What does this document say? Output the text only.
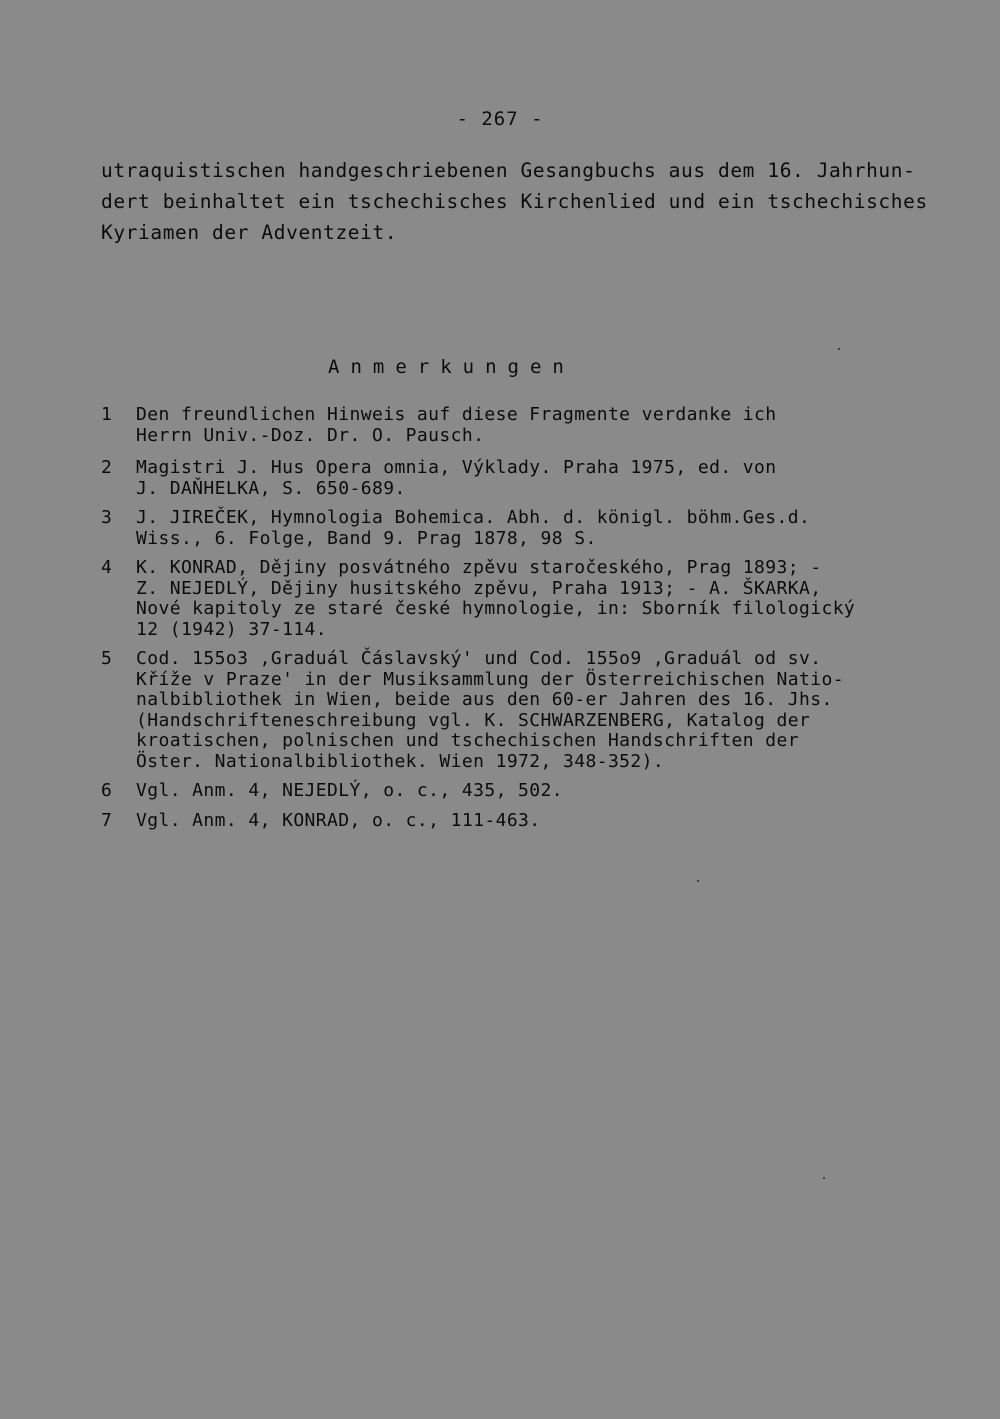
- 267 -
utraquistischen handgeschriebenen Gesangbuchs aus dem 16. Jahrhun-
dert beinhaltet ein tschechisches Kirchenlied und ein tschechisches
Kyriamen der Adventzeit.
Anmerkungen
1	Den freundlichen Hinweis auf diese Fragmente verdanke ich
Herrn Univ.-Doz. Dr. O. Pausch.
2	Magistri J. Hus Opera omnia, Výklady. Praha 1975, ed. von
J. DAŇHELKA, S. 650-689.
3	J. JIREČEK, Hymnologia Bohemica. Abh. d. königl. böhm.Ges.d.
Wiss., 6. Folge, Band 9. Prag 1878, 98 S.
4	K. KONRAD, Dějiny posvátného zpěvu staročeského, Prag 1893; -
Z. NEJEDLÝ, Dějiny husitského zpěvu, Praha 1913; - A. ŠKARKA,
Nové kapitoly ze staré české hymnologie, in: Sborník filologický
12 (1942) 37-114.
5	Cod. 155o3 ‚Graduál Čáslavský' und Cod. 155o9 ‚Graduál od sv.
Kříže v Praze' in der Musiksammlung der Österreichischen Natio-
nalbibliothek in Wien, beide aus den 60-er Jahren des 16. Jhs.
(Handschrifteneschreibung vgl. K. SCHWARZENBERG, Katalog der
kroatischen, polnischen und tschechischen Handschriften der
Öster. Nationalbibliothek. Wien 1972, 348-352).
6	Vgl. Anm. 4, NEJEDLÝ, o. c., 435, 502.
7	Vgl. Anm. 4, KONRAD, o. c., 111-463.
